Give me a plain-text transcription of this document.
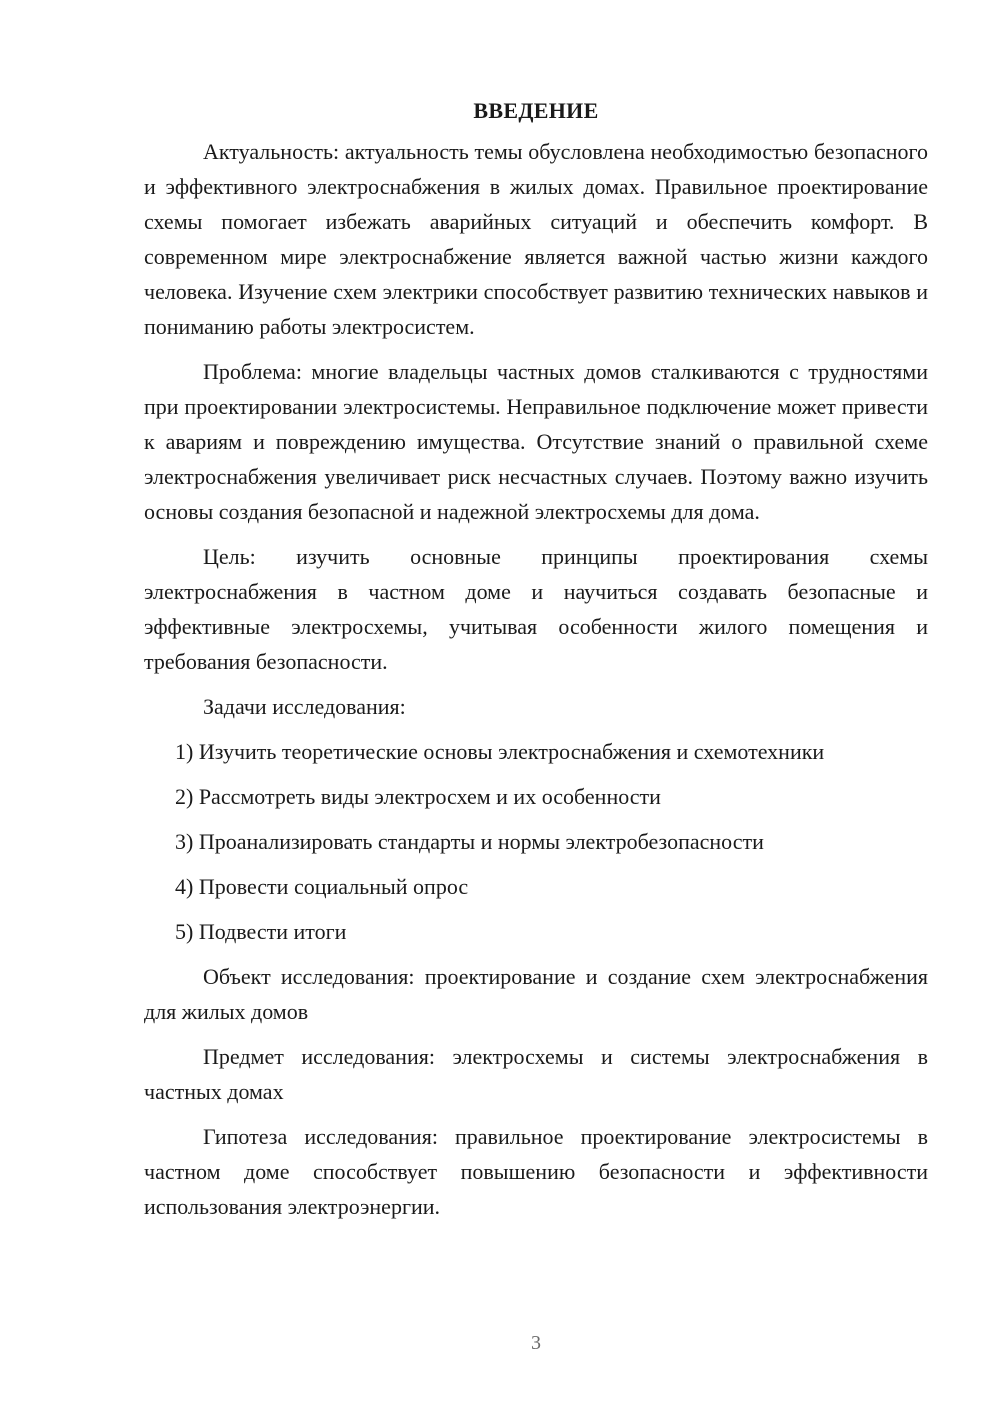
ВВЕДЕНИЕ

Актуальность: актуальность темы обусловлена необходимостью безопасного и эффективного электроснабжения в жилых домах. Правильное проектирование схемы помогает избежать аварийных ситуаций и обеспечить комфорт. В современном мире электроснабжение является важной частью жизни каждого человека. Изучение схем электрики способствует развитию технических навыков и пониманию работы электросистем.

Проблема: многие владельцы частных домов сталкиваются с трудностями при проектировании электросистемы. Неправильное подключение может привести к авариям и повреждению имущества. Отсутствие знаний о правильной схеме электроснабжения увеличивает риск несчастных случаев. Поэтому важно изучить основы создания безопасной и надежной электросхемы для дома.

Цель: изучить основные принципы проектирования схемы электроснабжения в частном доме и научиться создавать безопасные и эффективные электросхемы, учитывая особенности жилого помещения и требования безопасности.

Задачи исследования:

1) Изучить теоретические основы электроснабжения и схемотехники
2) Рассмотреть виды электросхем и их особенности
3) Проанализировать стандарты и нормы электробезопасности
4) Провести социальный опрос
5) Подвести итоги

Объект исследования: проектирование и создание схем электроснабжения для жилых домов

Предмет исследования: электросхемы и системы электроснабжения в частных домах

Гипотеза исследования: правильное проектирование электросистемы в частном доме способствует повышению безопасности и эффективности использования электроэнергии.

3
